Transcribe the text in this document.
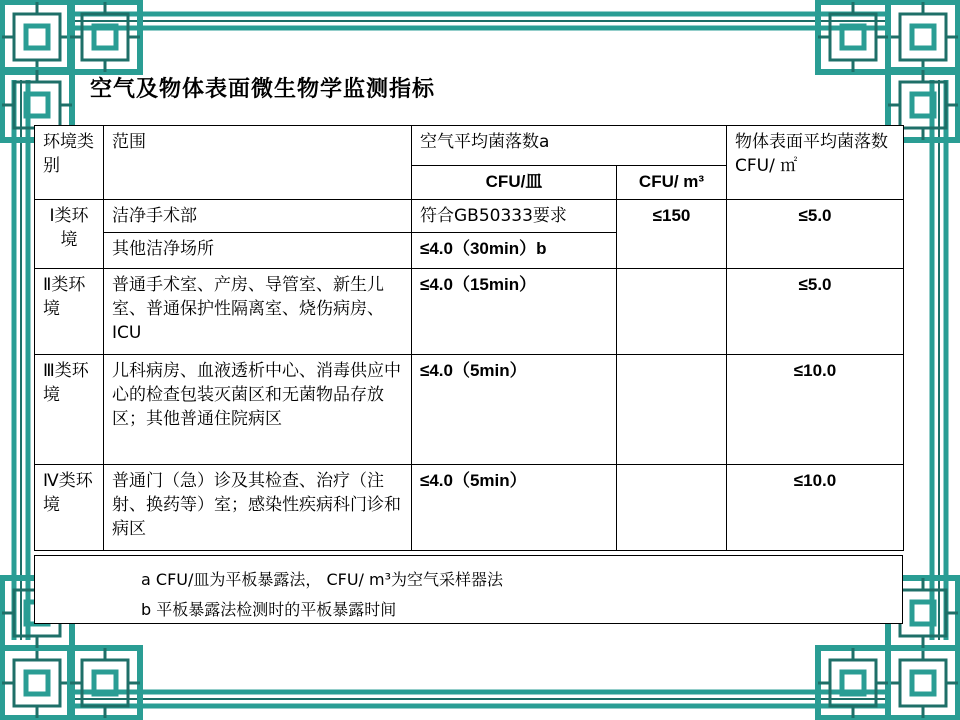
空气及物体表面微生物学监测指标
环境类别	范围	空气平均菌落数a		物体表面平均菌落数CFU/ ㎡
		CFU/皿	CFU/ m³	
Ⅰ类环境	洁净手术部	符合GB50333要求	≤150	≤5.0
	其他洁净场所	≤4.0（30min）b		
Ⅱ类环境	普通手术室、产房、导管室、新生儿室、普通保护性隔离室、烧伤病房、ICU	≤4.0（15min）		≤5.0
Ⅲ类环境	儿科病房、血液透析中心、消毒供应中心的检查包装灭菌区和无菌物品存放区；其他普通住院病区	≤4.0（5min）		≤10.0
Ⅳ类环境	普通门（急）诊及其检查、治疗（注射、换药等）室；感染性疾病科门诊和病区	≤4.0（5min）		≤10.0
a CFU/皿为平板暴露法， CFU/ m³为空气采样器法
b 平板暴露法检测时的平板暴露时间
